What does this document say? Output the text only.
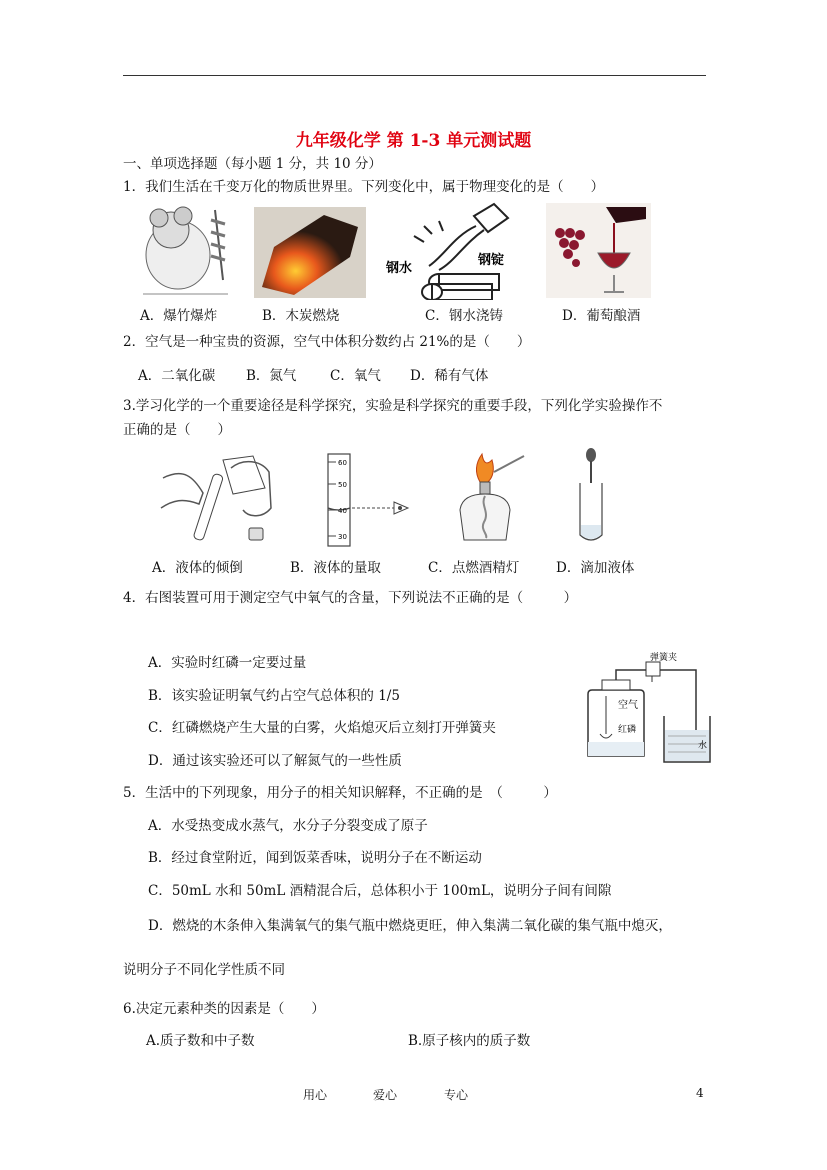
九年级化学 第 1-3 单元测试题
一、单项选择题（每小题 1 分，共 10 分）
1．我们生活在千变万化的物质世界里。下列变化中，属于物理变化的是（　　）
钢水
钢锭
A．爆竹爆炸	B．木炭燃烧	C．钢水浇铸	D．葡萄酿酒
2．空气是一种宝贵的资源，空气中体积分数约占 21%的是（　　）
A．二氧化碳 B．氮气 C．氧气 D．稀有气体
3.学习化学的一个重要途径是科学探究，实验是科学探究的重要手段，下列化学实验操作不
正确的是（　　）
60
50
40
30
A．液体的倾倒	B．液体的量取	C．点燃酒精灯	D．滴加液体
4．右图装置可用于测定空气中氧气的含量，下列说法不正确的是（　　　）
A．实验时红磷一定要过量
B．该实验证明氧气约占空气总体积的 1/5
C．红磷燃烧产生大量的白雾，火焰熄灭后立刻打开弹簧夹
D．通过该实验还可以了解氮气的一些性质
弹簧夹
空气
红磷
水
5．生活中的下列现象，用分子的相关知识解释，不正确的是　（　　　）
A．水受热变成水蒸气，水分子分裂变成了原子
B．经过食堂附近，闻到饭菜香味，说明分子在不断运动
C．50mL 水和 50mL 酒精混合后，总体积小于 100mL，说明分子间有间隙
D．燃烧的木条伸入集满氧气的集气瓶中燃烧更旺，伸入集满二氧化碳的集气瓶中熄灭，
说明分子不同化学性质不同
6.决定元素种类的因素是（　　）
A.质子数和中子数	B.原子核内的质子数
用心	爱心	专心	4
